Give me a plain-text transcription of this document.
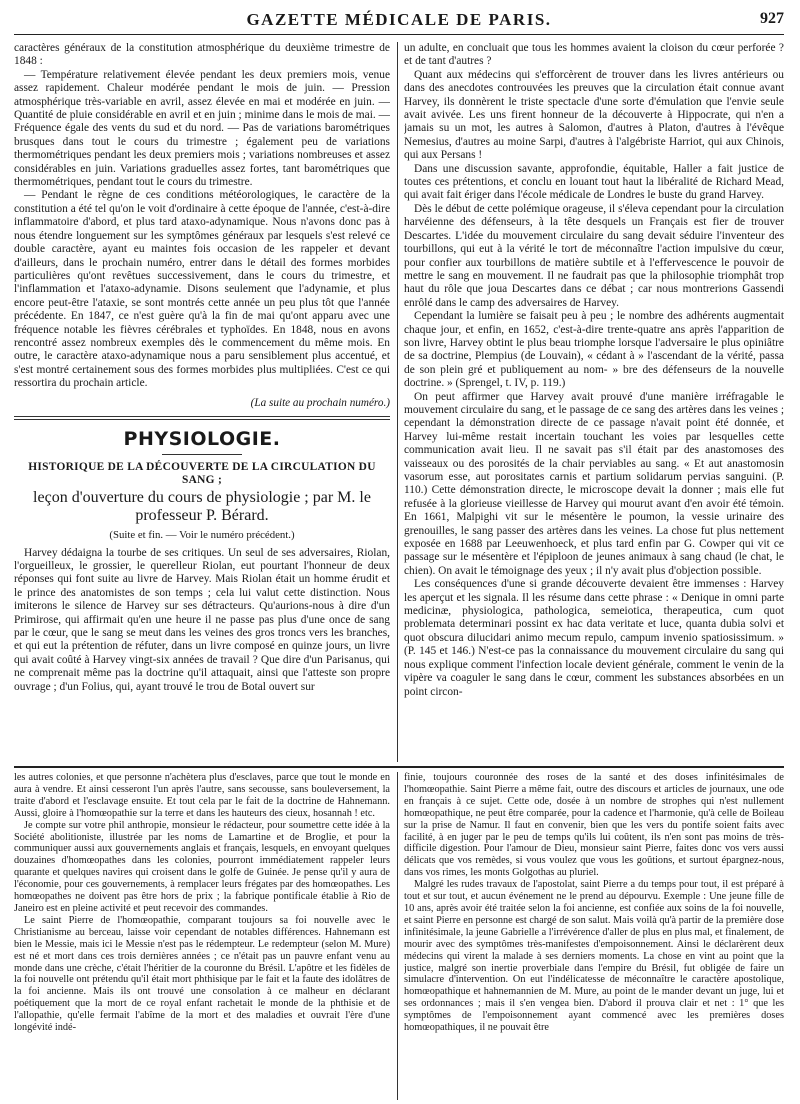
GAZETTE MÉDICALE DE PARIS.	927

caractères généraux de la constitution atmosphérique du deuxième trimestre de 1848 :

— Température relativement élevée pendant les deux premiers mois, venue assez rapidement. Chaleur modérée pendant le mois de juin. — Pression atmosphérique très-variable en avril, assez élevée en mai et modérée en juin. — Quantité de pluie considérable en avril et en juin ; minime dans le mois de mai. — Fréquence égale des vents du sud et du nord. — Pas de variations barométriques brusques dans tout le cours du trimestre ; également peu de variations thermométriques pendant les deux premiers mois ; variations nombreuses et assez considérables en juin. Variations graduelles assez fortes, tant barométriques que thermométriques, pendant tout le cours du trimestre.

— Pendant le règne de ces conditions météorologiques, le caractère de la constitution a été tel qu'on le voit d'ordinaire à cette époque de l'année, c'est-à-dire inflammatoire d'abord, et plus tard ataxo-adynamique. Nous n'avons donc pas à nous étendre longuement sur les symptômes généraux par lesquels s'est relevé ce double caractère, ayant eu maintes fois occasion de les rappeler et devant d'ailleurs, dans le prochain numéro, entrer dans le détail des formes morbides particulières qu'ont revêtues successivement, dans le cours du trimestre, et l'inflammation et l'ataxo-adynamie. Disons seulement que l'adynamie, et plus encore peut-être l'ataxie, se sont montrés cette année un peu plus tôt que l'année précédente. En 1847, ce n'est guère qu'à la fin de mai qu'ont apparu avec une fréquence notable les fièvres cérébrales et typhoïdes. En 1848, nous en avons rencontré assez nombreux exemples dès le commencement du même mois. En outre, le caractère ataxo-adynamique nous a paru sensiblement plus accentué, et s'est montré certainement sous des formes morbides plus multipliées. C'est ce qui ressortira du prochain article.

(La suite au prochain numéro.)
PHYSIOLOGIE.

HISTORIQUE DE LA DÉCOUVERTE DE LA CIRCULATION DU SANG ;

leçon d'ouverture du cours de physiologie ; par M. le professeur P. Bérard.

(Suite et fin. — Voir le numéro précédent.)

Harvey dédaigna la tourbe de ses critiques. Un seul de ses adversaires, Riolan, l'orgueilleux, le grossier, le querelleur Riolan, eut pourtant l'honneur de deux réponses qui font suite au livre de Harvey. Mais Riolan était un homme érudit et le prince des anatomistes de son temps ; cela lui valut cette distinction. Nous imiterons le silence de Harvey sur ses détracteurs. Qu'aurions-nous à dire d'un Primirose, qui affirmait qu'en une heure il ne passe pas plus d'une once de sang par le cœur, que le sang se meut dans les veines des gros troncs vers les branches, et qui eut la prétention de réfuter, dans un livre composé en quinze jours, un livre qui avait coûté à Harvey vingt-six années de travail ? Que dire d'un Parisanus, qui ne comprenait même pas la doctrine qu'il attaquait, ainsi que l'atteste son propre ouvrage ; d'un Folius, qui, ayant trouvé le trou de Botal ouvert sur

un adulte, en concluait que tous les hommes avaient la cloison du cœur perforée ? et de tant d'autres ?

Quant aux médecins qui s'efforcèrent de trouver dans les livres antérieurs ou dans des anecdotes controuvées les preuves que la circulation était connue avant Harvey, ils donnèrent le triste spectacle d'une sorte d'émulation que l'envie seule avait avivée. Les uns firent honneur de la découverte à Hippocrate, qui n'en a jamais su un mot, les autres à Salomon, d'autres à Platon, d'autres à l'évêque Nemesius, d'autres au moine Sarpi, d'autres à l'algébriste Harriot, qui aux Chinois, qui aux Persans !

Dans une discussion savante, approfondie, équitable, Haller a fait justice de toutes ces prétentions, et conclu en louant tout haut la libéralité de Richard Mead, qui avait fait ériger dans l'école médicale de Londres le buste du grand Harvey.

Dès le début de cette polémique orageuse, il s'éleva cependant pour la circulation harvéienne des défenseurs, à la tête desquels un Français est fier de trouver Descartes. L'idée du mouvement circulaire du sang devait séduire l'inventeur des tourbillons, qui eut à la vérité le tort de méconnaître l'action impulsive du cœur, pour confier aux tourbillons de matière subtile et à l'effervescence le pouvoir de mettre le sang en mouvement. Il ne faudrait pas que la philosophie triomphât trop haut du rôle que joua Descartes dans ce débat ; car nous montrerions Gassendi enrôlé dans le camp des adversaires de Harvey.

Cependant la lumière se faisait peu à peu ; le nombre des adhérents augmentait chaque jour, et enfin, en 1652, c'est-à-dire trente-quatre ans après l'apparition de son livre, Harvey obtint le plus beau triomphe lorsque l'adversaire le plus opiniâtre de sa doctrine, Plempius (de Louvain), « cédant à » l'ascendant de la vérité, passa de son plein gré et publiquement au nom- » bre des défenseurs de la nouvelle doctrine. » (Sprengel, t. IV, p. 119.)

On peut affirmer que Harvey avait prouvé d'une manière irréfragable le mouvement circulaire du sang, et le passage de ce sang des artères dans les veines ; cependant la démonstration directe de ce passage n'avait point été donnée, et Harvey lui-même restait incertain touchant les voies par lesquelles cette communication avait lieu. Il ne savait pas s'il était par des anastomoses des vaisseaux ou des porosités de la chair perviables au sang. « Et aut anastomosin vasorum esse, aut porositates carnis et partium solidarum pervias sanguini. (P. 110.) Cette démonstration directe, le microscope devait la donner ; mais elle fut refusée à la glorieuse vieillesse de Harvey qui mourut avant d'en avoir été témoin. En 1661, Malpighi vit sur le mésentère le poumon, la vessie urinaire des grenouilles, le sang passer des artères dans les veines. La chose fut plus nettement exposée en 1688 par Leeuwenhoeck, et plus tard enfin par G. Cowper qui vit ce passage sur le mésentère et l'épiploon de jeunes animaux à sang chaud (le chat, le chien). On avait le témoignage des yeux ; il n'y avait plus d'objection possible.

Les conséquences d'une si grande découverte devaient être immenses : Harvey les aperçut et les signala. Il les résume dans cette phrase : « Denique in omni parte medicinæ, physiologica, pathologica, semeiotica, therapeutica, cum quot problemata determinari possint ex hac data veritate et luce, quanta dubia solvi et quot obscura dilucidari animo mecum repulo, campum invenio spatiosissimum. » (P. 145 et 146.) N'est-ce pas la connaissance du mouvement circulaire du sang qui nous explique comment l'infection locale devient générale, comment le venin de la vipère va coaguler le sang dans le cœur, comment les substances absorbées en un point circon-

les autres colonies, et que personne n'achètera plus d'esclaves, parce que tout le monde en aura à vendre. Et ainsi cesseront l'un après l'autre, sans secousse, sans bouleversement, la traite d'abord et l'esclavage ensuite. Et tout cela par le fait de la doctrine de Hahnemann. Aussi, gloire à l'homœopathie sur la terre et dans les hauteurs des cieux, hosannah ! etc.

Je compte sur votre phil anthropie, monsieur le rédacteur, pour soumettre cette idée à la Société abolitioniste, illustrée par les noms de Lamartine et de Broglie, et pour la communiquer aussi aux gouvernements anglais et français, lesquels, en envoyant quelques douzaines d'homœopathes dans les colonies, pourront immédiatement rappeler leurs quarante et quelques navires qui croisent dans le golfe de Guinée. Je pense qu'il y aura de l'économie, pour ces gouvernements, à remplacer leurs frégates par des homœopathes. Les homœopathes ne doivent pas être hors de prix ; la fabrique pontificale établie à Rio de Janeiro est en pleine activité et peut recevoir des commandes.

Le saint Pierre de l'homœopathie, comparant toujours sa foi nouvelle avec le Christianisme au berceau, laisse voir cependant de notables différences. Hahnemann est bien le Messie, mais ici le Messie n'est pas le rédempteur. Le redempteur (selon M. Mure) est né et mort dans ces trois dernières années ; ce n'était pas un pauvre enfant venu au monde dans une crèche, c'était l'héritier de la couronne du Brésil. L'apôtre et les fidèles de la foi nouvelle ont prétendu qu'il était mort phthisique par le fait et la faute des idolâtres de la foi ancienne. Mais ils ont trouvé une consolation à ce malheur en déclarant poétiquement que la mort de ce royal enfant rachetait le monde de la phthisie et de l'allopathie, qu'elle fermait l'abîme de la mort et des maladies et ouvrait l'ère d'une longévité indé-

finie, toujours couronnée des roses de la santé et des doses infinitésimales de l'homœopathie. Saint Pierre a même fait, outre des discours et articles de journaux, une ode en français à ce sujet. Cette ode, dosée à un nombre de strophes qui n'est nullement homœopathique, ne peut être comparée, pour la cadence et l'harmonie, qu'à celle de Boileau sur la prise de Namur. Il faut en convenir, bien que les vers du pontife soient faits avec facilité, à en juger par le peu de temps qu'ils lui coûtent, ils n'en sont pas moins de très-difficile digestion. Pour l'amour de Dieu, monsieur saint Pierre, faites donc vos vers aussi délicats que vos remèdes, si vous voulez que vous les goûtions, et surtout épargnez-nous, dans vos rimes, les monts Golgothas au pluriel.

Malgré les rudes travaux de l'apostolat, saint Pierre a du temps pour tout, il est préparé à tout et sur tout, et aucun événement ne le prend au dépourvu. Exemple : Une jeune fille de 10 ans, après avoir été traitée selon la foi ancienne, est confiée aux soins de la foi nouvelle, et saint Pierre en personne est chargé de son salut. Mais voilà qu'à partir de la première dose infinitésimale, la jeune Gabrielle a l'irrévérence d'aller de plus en plus mal, et finalement, de mourir avec des symptômes très-manifestes d'empoisonnement. Ainsi le déclarèrent deux médecins qui virent la malade à ses derniers moments. La chose en vint au point que la justice, malgré son inertie proverbiale dans l'empire du Brésil, fut obligée de faire un simulacre d'intervention. On eut l'indélicatesse de méconnaître le caractère apostolique, homœopathique et hahnemannien de M. Mure, au point de le mander devant un juge, lui et ses ordonnances ; mais il s'en vengea bien. D'abord il prouva clair et net : 1° que les symptômes de l'empoisonnement ayant commencé avec les premières doses homœopathiques, il ne pouvait être
